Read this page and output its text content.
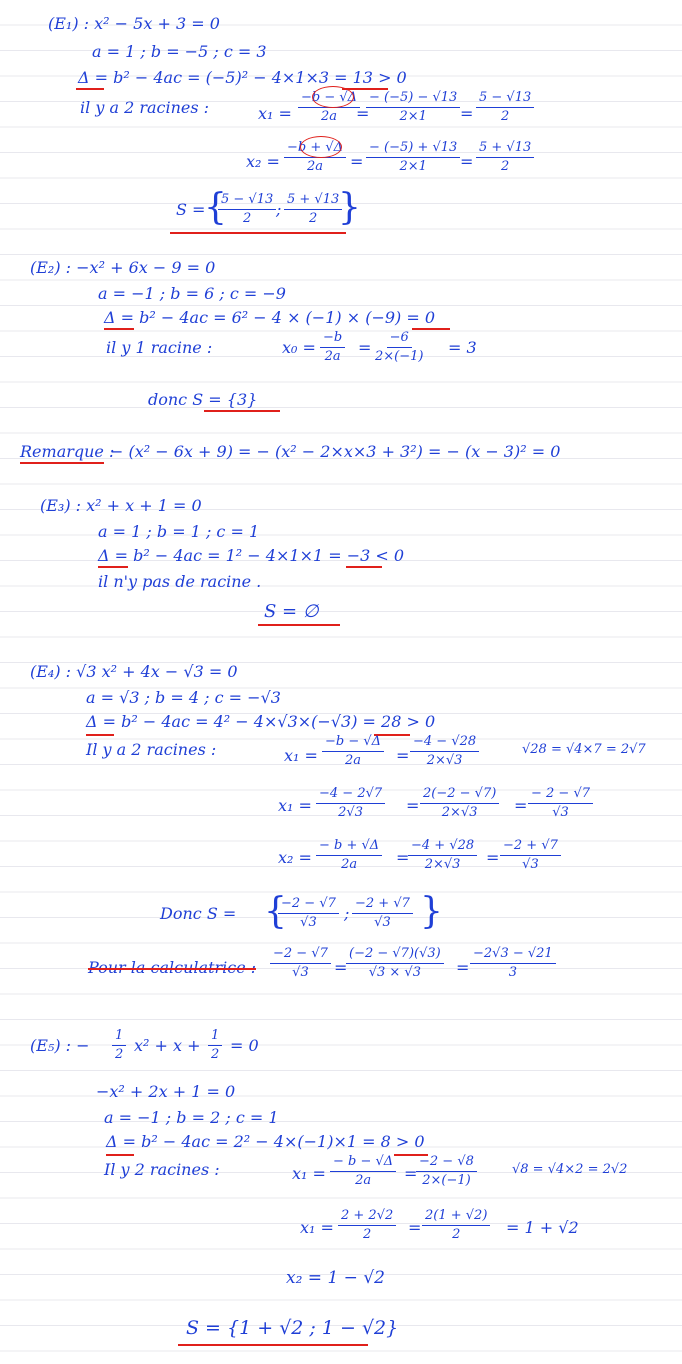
(E₁) : x² − 5x + 3 = 0
a = 1 ; b = −5 ; c = 3
Δ = b² − 4ac = (−5)² − 4×1×3 = 13 > 0
il y a 2 racines :	$x_1 = \frac{-b - √\Delta}{2a}$
=
$\frac{- (-5) - √13}{2\times 1} = \frac{5 - √13}{2}$
$x_2 = \frac{-b + √\Delta}{2a} = \frac{- (-5) + √13}{2\times 1} = \frac{5 + √13}{2}$
S =
{
$\frac{5 - √13}{2}$ ; $\frac{5 + √13}{2}$
}
(E₂) : −x² + 6x − 9 = 0
a = −1 ; b = 6 ; c = −9
Δ = b² − 4ac = 6² − 4 × (−1) × (−9) = 0
il y 1 racine :	$x_0 = \frac{-b}{2a} = \frac{-6}{2\times(-1)} = 3$
donc S = {3}
Remarque :
− (x² − 6x + 9) = − (x² − 2×x×3 + 3²) = − (x − 3)² = 0
(E₃) : x² + x + 1 = 0
a = 1 ; b = 1 ; c = 1
Δ = b² − 4ac = 1² − 4×1×1 = −3 < 0
il n'y pas de racine .
S = ∅
(E₄) : √3 x² + 4x − √3 = 0
a = √3 ; b = 4 ; c = −√3
Δ = b² − 4ac = 4² − 4×√3×(−√3) = 28 > 0
Il y a 2 racines :	$x_1 = \frac{-b - √\Delta}{2a} = \frac{-4 - √28}{2\times√3}$	√28 = √4×7 = 2√7
$x_1 = \frac{-4 - 2√7}{2√3} = \frac{2(-2 - √7)}{2\times√3} = \frac{- 2 - √7}{√3}$
$x_2 = \frac{- b + √\Delta}{2a}$ =
$\frac{-4 + √28}{2\times√3} = \frac{-2 + √7}{√3}$
Donc S = {
$\frac{-2 - √7}{√3}$ ; $\frac{-2 + √7}{√3}$ }
$\frac{-2 - √7}{√3}$ =
$\frac{(-2 - √7)(√3)}{√3 \times √3} = \frac{-2√3 - √21}{3}$
(E₅) : − $\frac{1}{2} x^2 + x + \frac{1}{2} = 0$
−x² + 2x + 1 = 0
a = −1 ; b = 2 ; c = 1
Δ = b² − 4ac = 2² − 4×(−1)×1 = 8 > 0
Il y 2 racines :	$x_1 = \frac{- b - √\Delta}{2a}$ =
$\frac{-2 - √8}{2\times(-1)}$	√8 = √4×2 = 2√2
$x_1 = \frac{2 + 2√2}{2} = \frac{2(1 + √2)}{2} = 1 + √2$
x₂ = 1 − √2
S = {1 + √2 ; 1 − √2}
